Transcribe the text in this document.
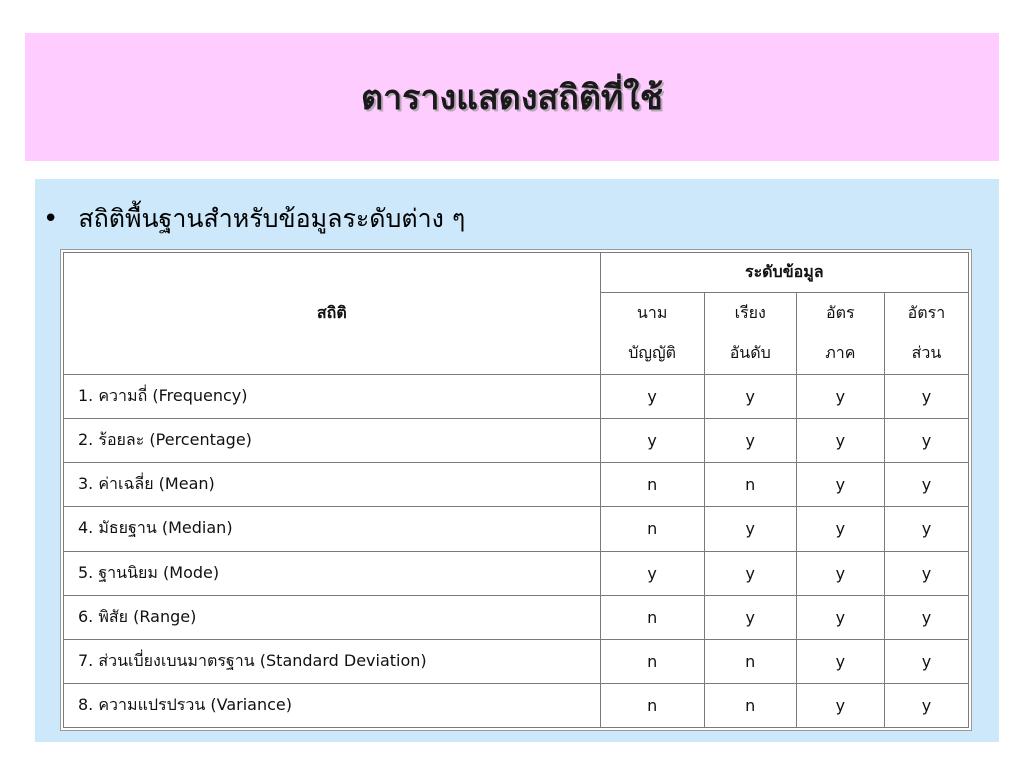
ตารางแสดงสถิติที่ใช้
• สถิติพื้นฐานสำหรับข้อมูลระดับต่าง ๆ
สถิติ	ระดับข้อมูล			
	นาม	เรียง	อัตร	อัตรา
	บัญญัติ	อันดับ	ภาค	ส่วน
1. ความถี่ (Frequency)	y	y	y	y
2. ร้อยละ (Percentage)	y	y	y	y
3. ค่าเฉลี่ย (Mean)	n	n	y	y
4. มัธยฐาน (Median)	n	y	y	y
5. ฐานนิยม (Mode)	y	y	y	y
6. พิสัย (Range)	n	y	y	y
7. ส่วนเบี่ยงเบนมาตรฐาน (Standard Deviation)	n	n	y	y
8. ความแปรปรวน (Variance)	n	n	y	y
